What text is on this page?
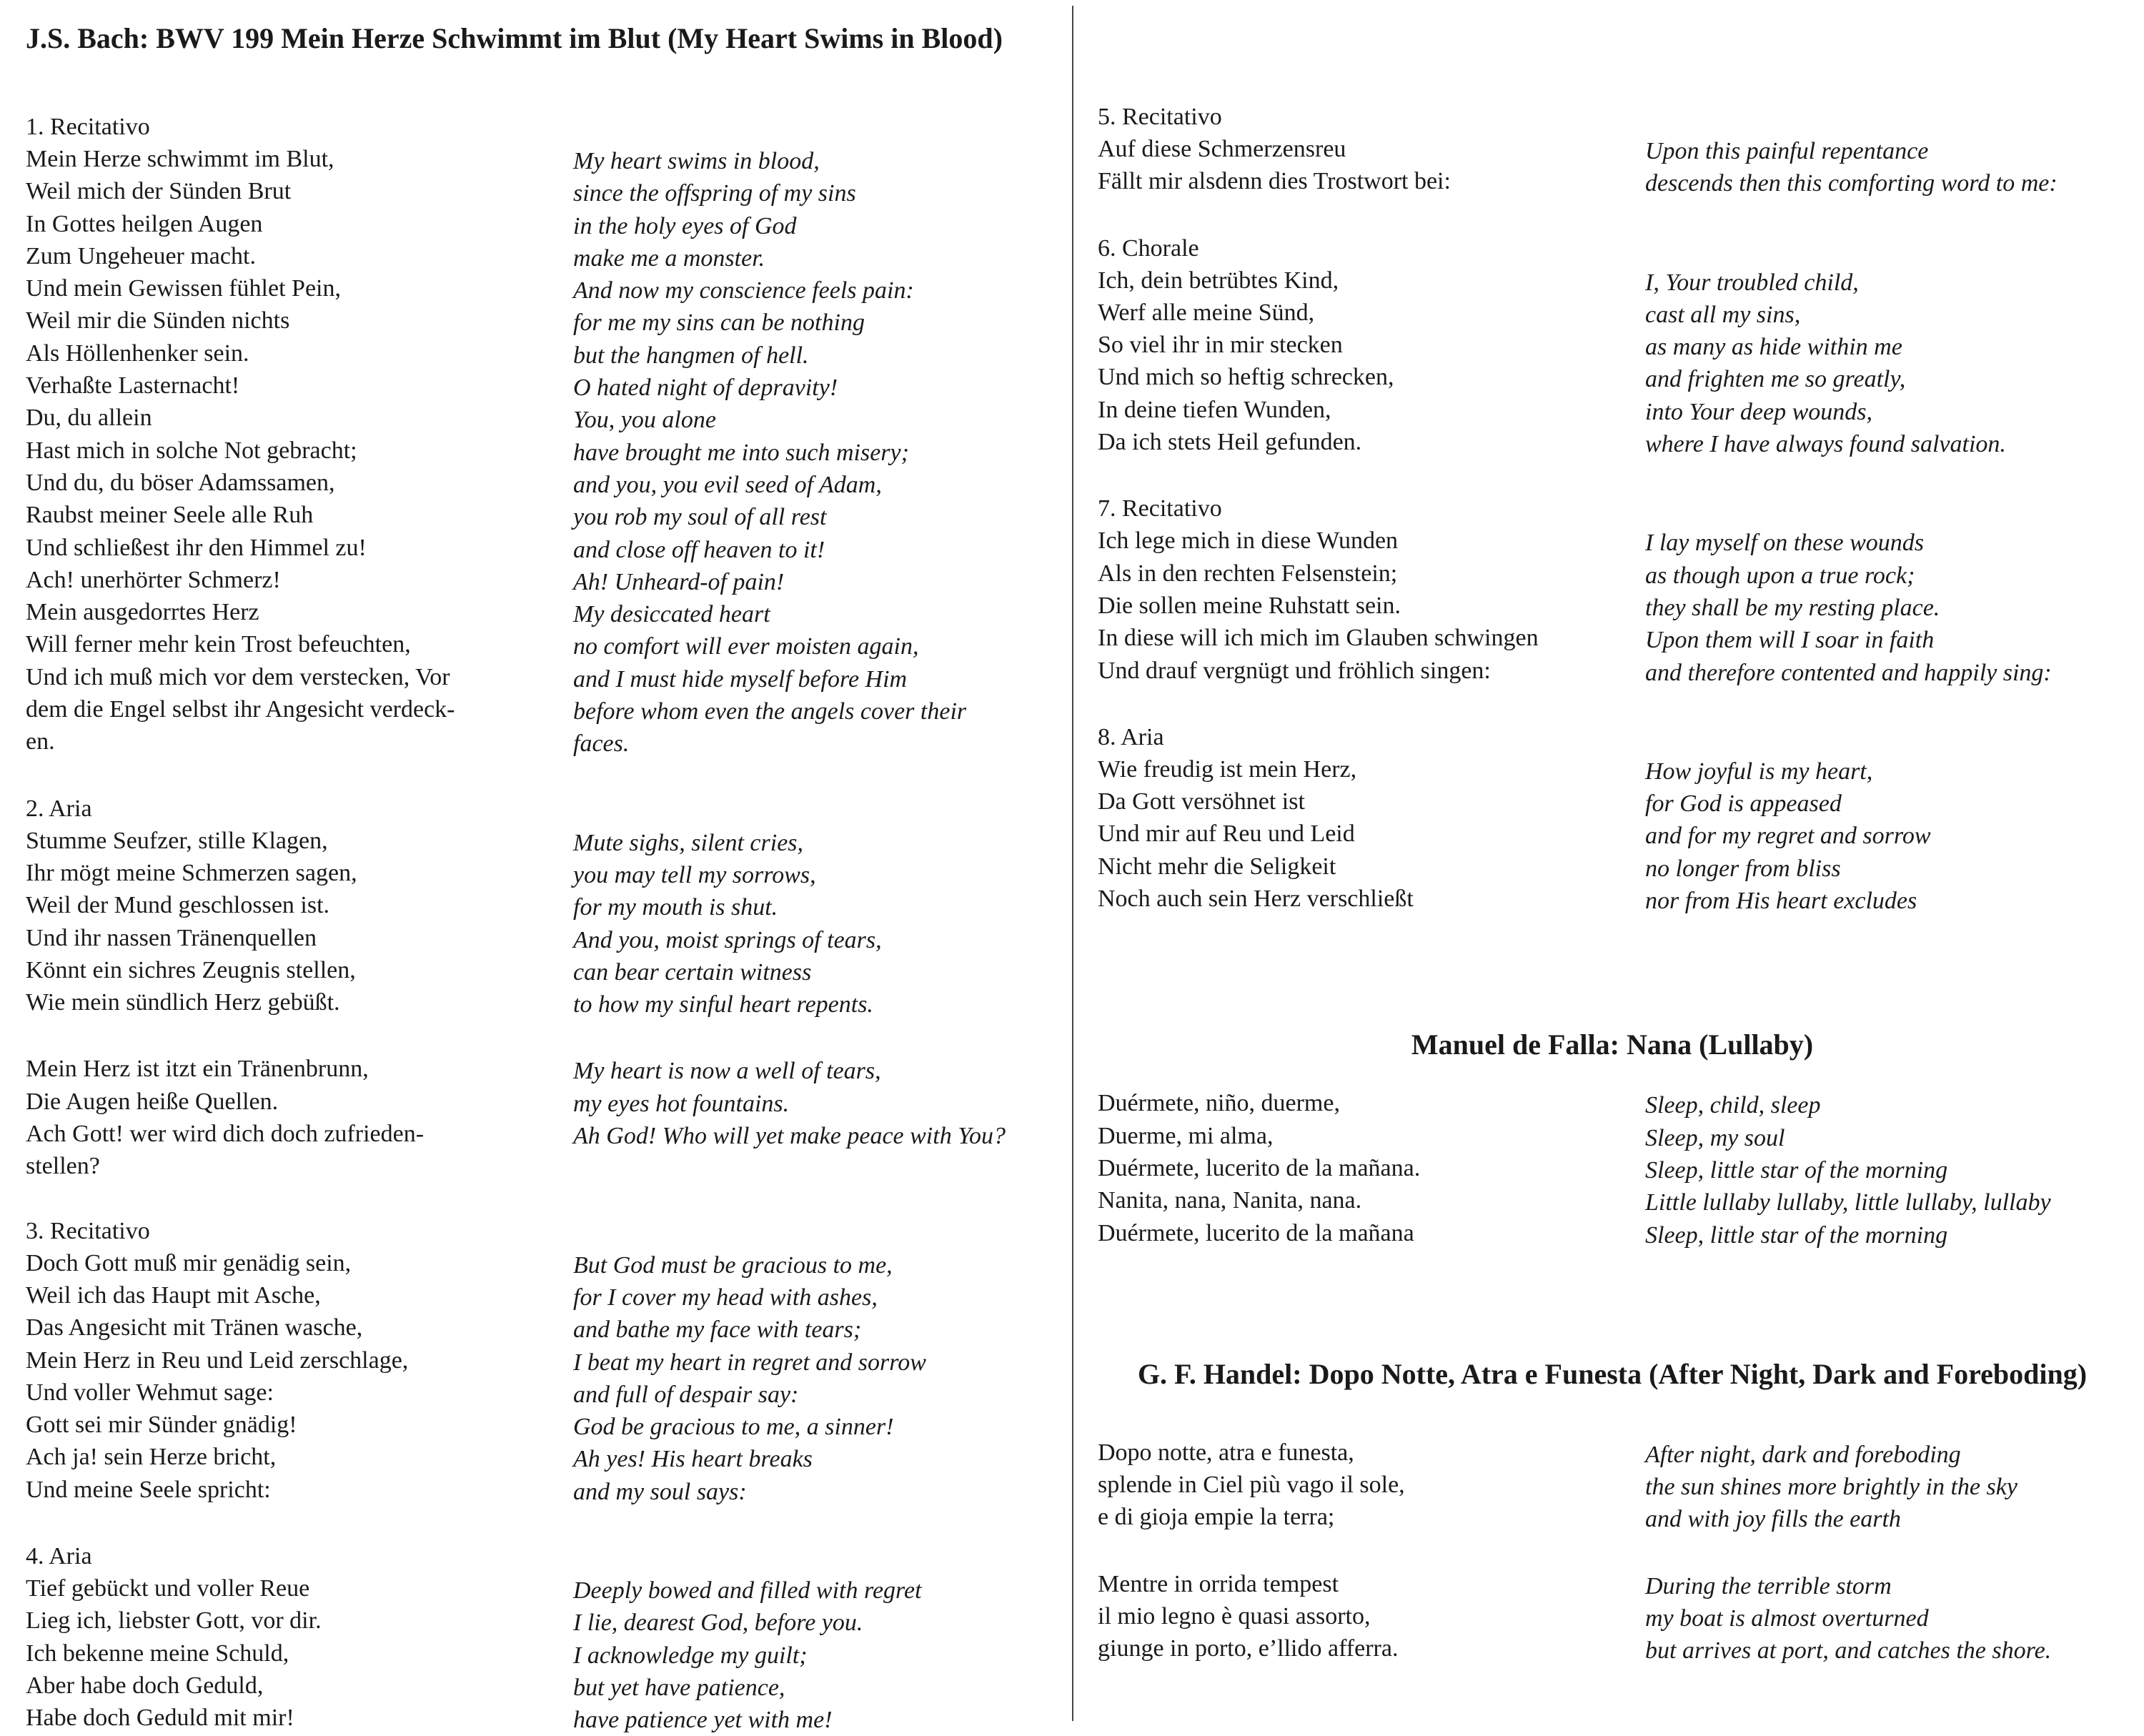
J.S. Bach: BWV 199 Mein Herze Schwimmt im Blut (My Heart Swims in Blood)
1. Recitativo
Mein Herze schwimmt im Blut,
Weil mich der Sünden Brut
In Gottes heilgen Augen
Zum Ungeheuer macht.
Und mein Gewissen fühlet Pein,
Weil mir die Sünden nichts
Als Höllenhenker sein.
Verhaßte Lasternacht!
Du, du allein
Hast mich in solche Not gebracht;
Und du, du böser Adamssamen,
Raubst meiner Seele alle Ruh
Und schließest ihr den Himmel zu!
Ach! unerhörter Schmerz!
Mein ausgedorrtes Herz
Will ferner mehr kein Trost befeuchten,
Und ich muß mich vor dem verstecken, Vor
dem die Engel selbst ihr Angesicht verdeck-
en.
My heart swims in blood,
since the offspring of my sins
in the holy eyes of God
make me a monster.
And now my conscience feels pain:
for me my sins can be nothing
but the hangmen of hell.
O hated night of depravity!
You, you alone
have brought me into such misery;
and you, you evil seed of Adam,
you rob my soul of all rest
and close off heaven to it!
Ah! Unheard-of pain!
My desiccated heart
no comfort will ever moisten again,
and I must hide myself before Him
before whom even the angels cover their
faces.
2. Aria
Stumme Seufzer, stille Klagen,
Ihr mögt meine Schmerzen sagen,
Weil der Mund geschlossen ist.
Und ihr nassen Tränenquellen
Könnt ein sichres Zeugnis stellen,
Wie mein sündlich Herz gebüßt.
Mute sighs, silent cries,
you may tell my sorrows,
for my mouth is shut.
And you, moist springs of tears,
can bear certain witness
to how my sinful heart repents.
Mein Herz ist itzt ein Tränenbrunn,
Die Augen heiße Quellen.
Ach Gott! wer wird dich doch zufrieden-
stellen?
My heart is now a well of tears,
my eyes hot fountains.
Ah God! Who will yet make peace with You?
3. Recitativo
Doch Gott muß mir genädig sein,
Weil ich das Haupt mit Asche,
Das Angesicht mit Tränen wasche,
Mein Herz in Reu und Leid zerschlage,
Und voller Wehmut sage:
Gott sei mir Sünder gnädig!
Ach ja! sein Herze bricht,
Und meine Seele spricht:
But God must be gracious to me,
for I cover my head with ashes,
and bathe my face with tears;
I beat my heart in regret and sorrow
and full of despair say:
God be gracious to me, a sinner!
Ah yes! His heart breaks
and my soul says:
4. Aria
Tief gebückt und voller Reue
Lieg ich, liebster Gott, vor dir.
Ich bekenne meine Schuld,
Aber habe doch Geduld,
Habe doch Geduld mit mir!
Deeply bowed and filled with regret
I lie, dearest God, before you.
I acknowledge my guilt;
but yet have patience,
have patience yet with me!
5. Recitativo
Auf diese Schmerzensreu
Fällt mir alsdenn dies Trostwort bei:
Upon this painful repentance
descends then this comforting word to me:
6. Chorale
Ich, dein betrübtes Kind,
Werf alle meine Sünd,
So viel ihr in mir stecken
Und mich so heftig schrecken,
In deine tiefen Wunden,
Da ich stets Heil gefunden.
I, Your troubled child,
cast all my sins,
as many as hide within me
and frighten me so greatly,
into Your deep wounds,
where I have always found salvation.
7. Recitativo
Ich lege mich in diese Wunden
Als in den rechten Felsenstein;
Die sollen meine Ruhstatt sein.
In diese will ich mich im Glauben schwingen
Und drauf vergnügt und fröhlich singen:
I lay myself on these wounds
as though upon a true rock;
they shall be my resting place.
Upon them will I soar in faith
and therefore contented and happily sing:
8. Aria
Wie freudig ist mein Herz,
Da Gott versöhnet ist
Und mir auf Reu und Leid
Nicht mehr die Seligkeit
Noch auch sein Herz verschließt
How joyful is my heart,
for God is appeased
and for my regret and sorrow
no longer from bliss
nor from His heart excludes
Manuel de Falla: Nana (Lullaby)
Duérmete, niño, duerme,
Duerme, mi alma,
Duérmete, lucerito de la mañana.
Nanita, nana, Nanita, nana.
Duérmete, lucerito de la mañana
Sleep, child, sleep
Sleep, my soul
Sleep, little star of the morning
Little lullaby lullaby, little lullaby, lullaby
Sleep, little star of the morning
G. F. Handel: Dopo Notte, Atra e Funesta (After Night, Dark and Foreboding)
Dopo notte, atra e funesta,
splende in Ciel più vago il sole,
e di gioja empie la terra;
After night, dark and foreboding
the sun shines more brightly in the sky
and with joy fills the earth
Mentre in orrida tempest
il mio legno è quasi assorto,
giunge in porto, e’llido afferra.
During the terrible storm
my boat is almost overturned
but arrives at port, and catches the shore.
